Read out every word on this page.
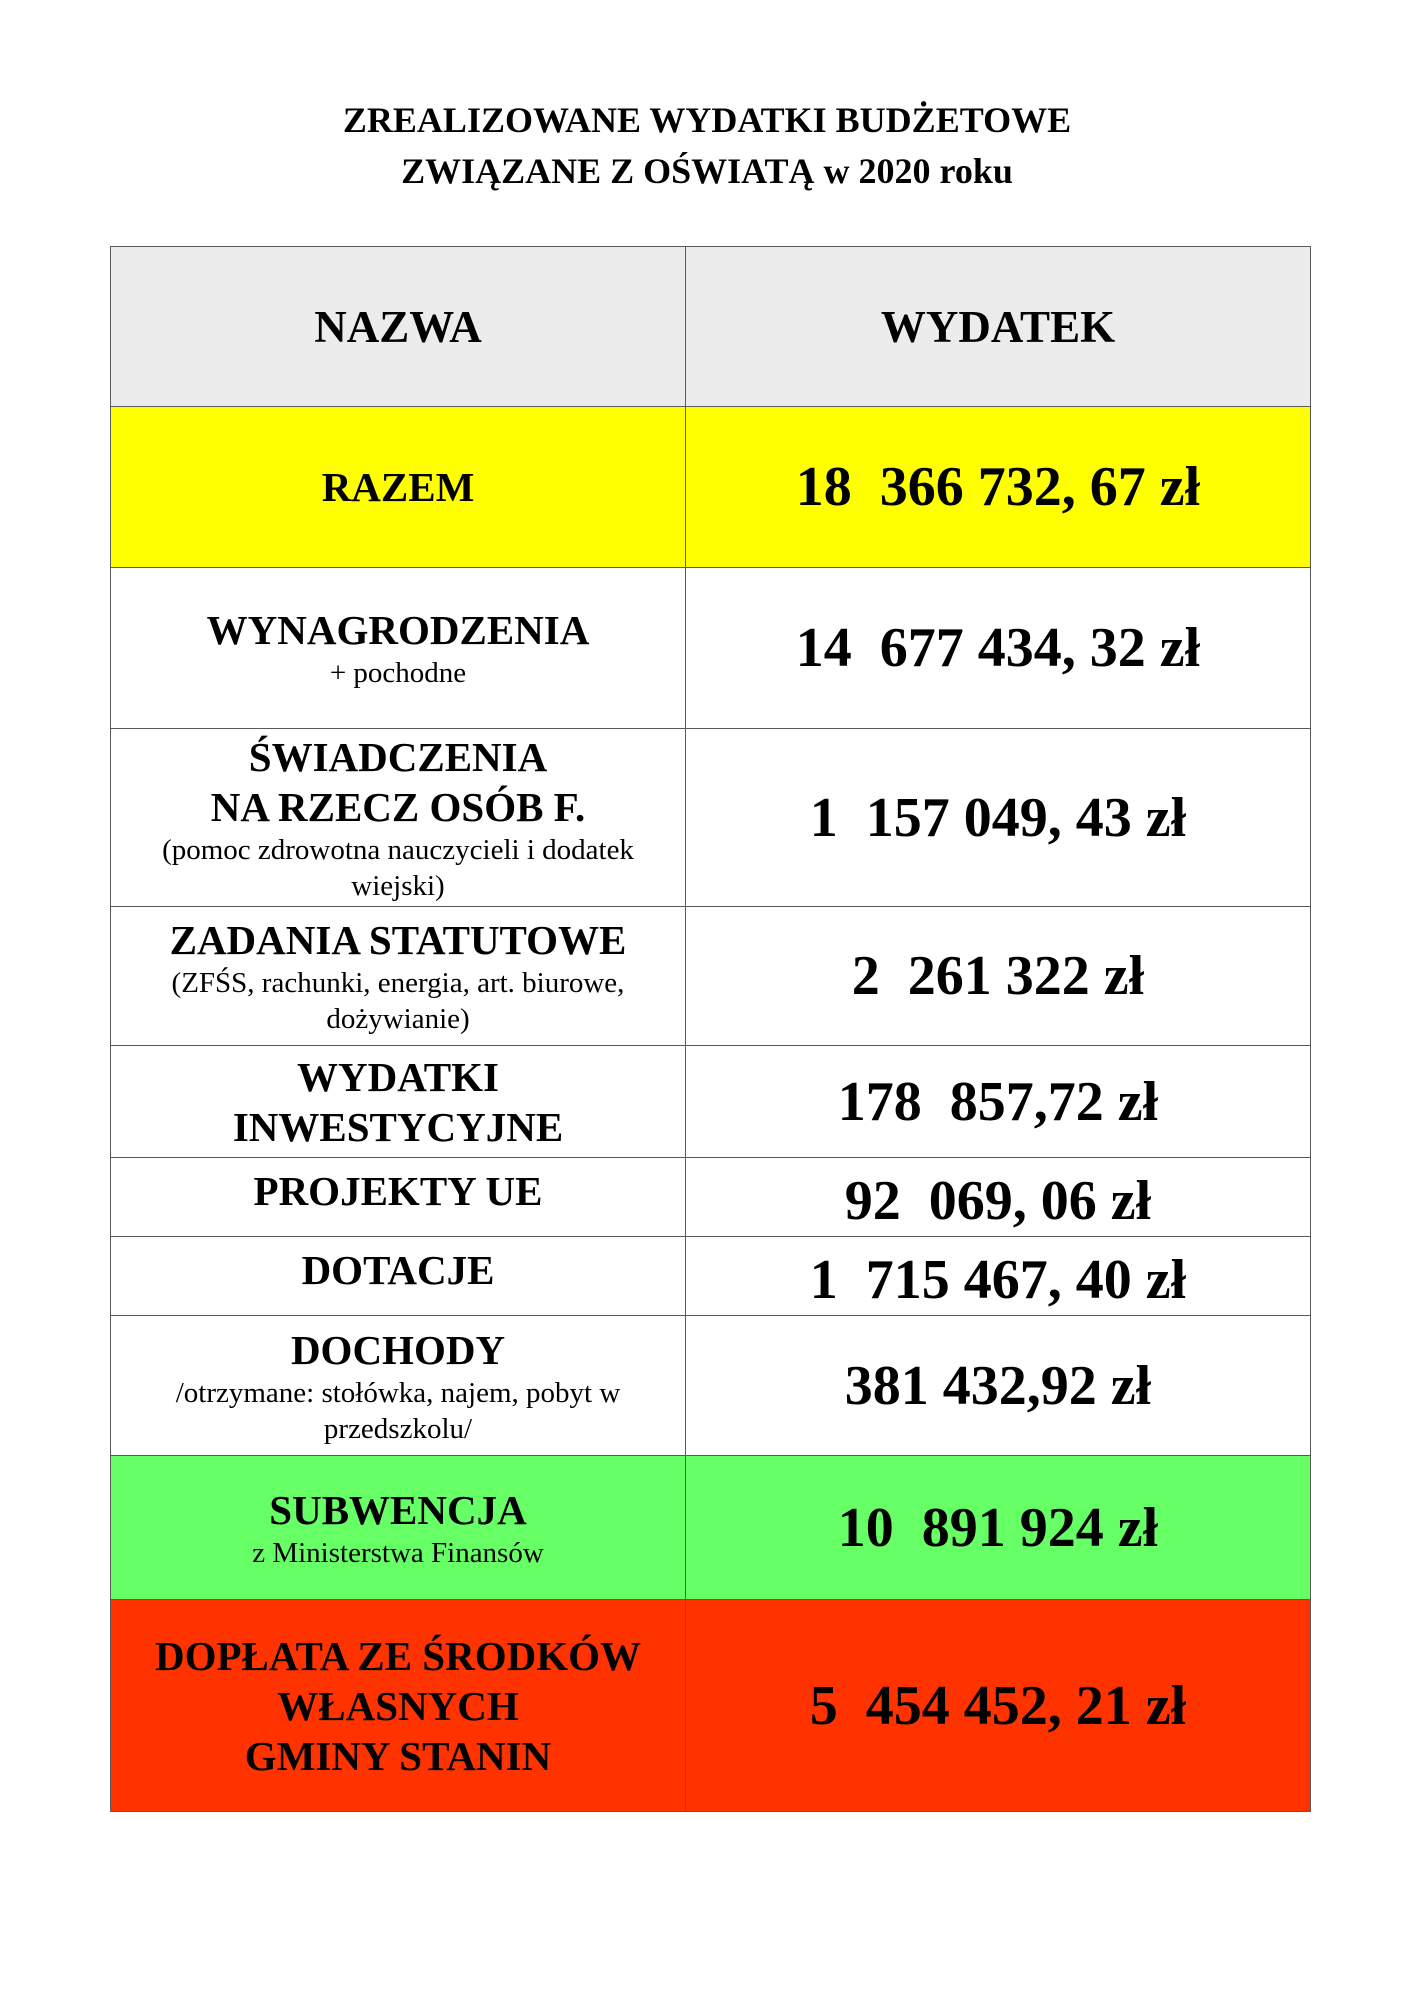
ZREALIZOWANE WYDATKI BUDŻETOWE
ZWIĄZANE Z OŚWIATĄ w 2020 roku
NAZWA	WYDATEK

RAZEM	18  366 732, 67 zł

WYNAGRODZENIA
+ pochodne	14  677 434, 32 zł

ŚWIADCZENIA
NA RZECZ OSÓB F.
(pomoc zdrowotna nauczycieli i dodatek wiejski)	1  157 049, 43 zł

ZADANIA STATUTOWE
(ZFŚS, rachunki, energia, art. biurowe, dożywianie)	2  261 322 zł

WYDATKI
INWESTYCYJNE	178  857,72 zł

PROJEKTY UE	92  069, 06 zł

DOTACJE	1  715 467, 40 zł

DOCHODY
/otrzymane: stołówka, najem, pobyt w przedszkolu/	381 432,92 zł

SUBWENCJA
z Ministerstwa Finansów	10  891 924 zł

DOPŁATA ZE ŚRODKÓW
WŁASNYCH
GMINY STANIN	5  454 452, 21 zł
